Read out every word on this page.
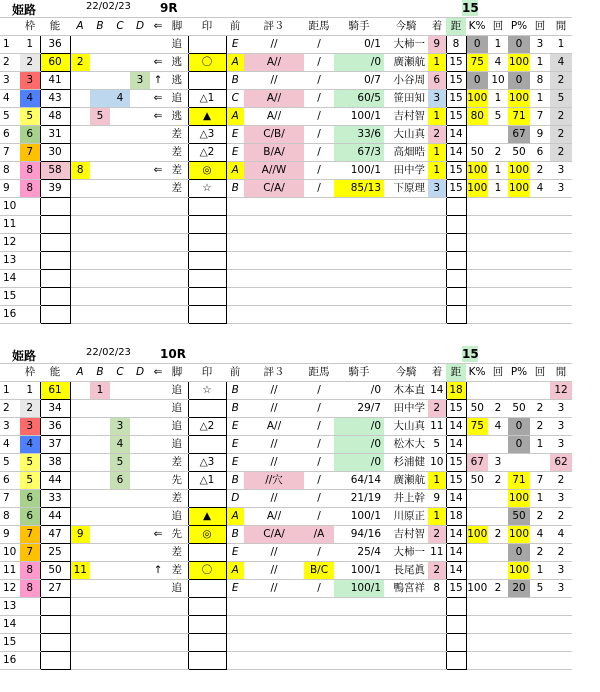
姫路	22/02/23 9R	15
	枠	能	A	B	C	D	⇐	脚	印	前	評３	距馬	騎手	今騎	着	距	K%	回	P%	回	閒
1	1	36						追		E	//	/	0/1	大柿一	9	8	0	1	0	3	1
2	2	60	2				⇐	逃	〇	A	A//	/	/0	廣瀬航	1	15	75	4	100	1	4
3	3	41				3	↑	逃		B	//	/	0/7	小谷周	6	15	0	10	0	8	2
4	4	43			4		⇐	追	△1	C	A//	/	60/5	笹田知	3	15	100	1	100	1	5
5	5	48		5			⇐	逃	▲	A	A//	/	100/1	吉村智	1	15	80	5	71	7	2
6	6	31						差	△3	E	C/B/	/	33/6	大山真	2	14			67	9	2
7	7	30						差	△2	E	B/A/	/	67/3	高畑晧	1	14	50	2	50	6	2
8	8	58	8				⇐	差	◎	A	A//W	/	100/1	田中学	1	15	100	1	100	2	3
9	8	39						差	☆	B	C/A/	/	85/13	下原理	3	15	100	1	100	4	3
10																					
11																					
12																					
13																					
14																					
15																					
16																					
姫路	22/02/23 10R	15
	枠	能	A	B	C	D	⇐	脚	印	前	評３	距馬	騎手	今騎	着	距	K%	回	P%	回	閒
1	1	61		1				追	☆	B	//	/	/0	木本直	14	18					12
2	2	34						追		B	//	/	29/7	田中学	2	15	50	2	50	2	3
3	3	36			3			追	△2	E	A//	/	/0	大山真	11	14	75	4	0	2	3
4	4	37			4			追		E	//	/	/0	松木大	5	14			0	1	3
5	5	38			5			差	△3	E	//	/	/0	杉浦健	10	15	67	3			62
6	5	44			6			先	△1	B	//穴	/	64/14	廣瀬航	1	15	50	2	71	7	2
7	6	33						差		D	//	/	21/19	井上幹	9	14			100	1	3
8	6	44						追	▲	A	A//	/	100/1	川原正	1	18			50	2	2
9	7	47	9				⇐	先	◎	B	C/A/	/A	94/16	吉村智	2	14	100	2	100	4	4
10	7	25						差		E	//	/	25/4	大柿一	11	14			0	2	2
11	8	50	11				↑	差	〇	A	//	B/C	100/1	長尾眞	2	14			100	1	3
12	8	27						追		E	//	/	100/1	鴨宮祥	8	15	100	2	20	5	3
13																					
14																					
15																					
16																					
